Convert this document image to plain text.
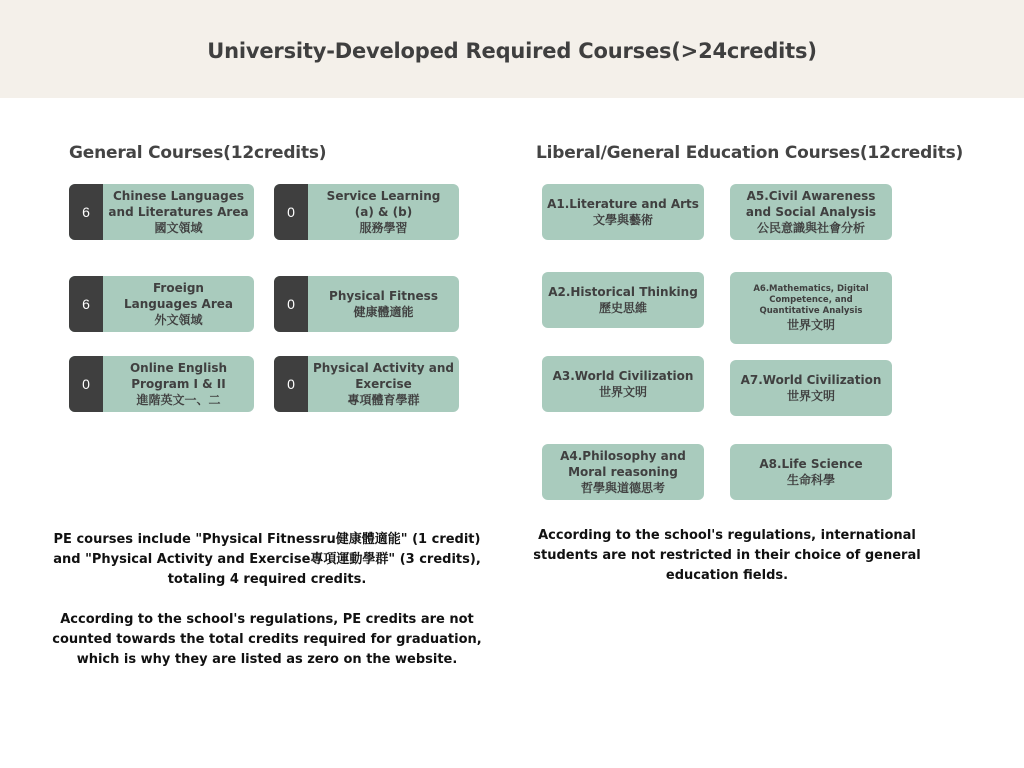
University-Developed Required Courses(>24credits)
General Courses(12credits)
6
Chinese Languages and Literatures Area
國文領域
0
Service Learning (a) & (b)
服務學習
6
Froeign Languages Area
外文領域
0	Physical Fitness
健康體適能
0
Online English Program I & II
進階英文一、二
0
Physical Activity and Exercise
專項體育學群
PE courses include "Physical Fitnessru健康體適能" (1 credit) and "Physical Activity and Exercise專項運動學群" (3 credits), totaling 4 required credits.
According to the school's regulations, PE credits are not counted towards the total credits required for graduation, which is why they are listed as zero on the website.
Liberal/General Education Courses(12credits)
A1.Literature and Arts
文學與藝術
A5.Civil Awareness and Social Analysis
公民意識與社會分析
A2.Historical Thinking
歷史思維
A6.Mathematics, Digital Competence, and Quantitative Analysis
世界文明
A3.World Civilization
世界文明
A7.World Civilization
世界文明
A4.Philosophy and Moral reasoning
哲學與道德思考
A8.Life Science
生命科學
According to the school's regulations, international students are not restricted in their choice of general education fields.
